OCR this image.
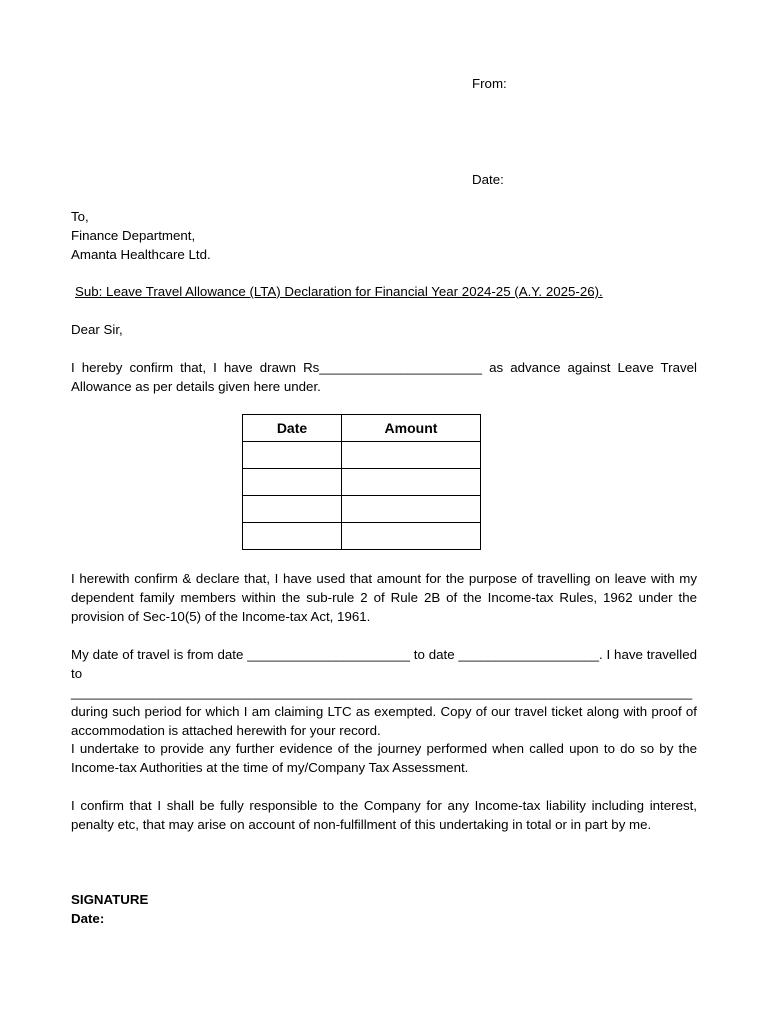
From:
Date:
To,
Finance Department,
Amanta Healthcare Ltd.
Sub: Leave Travel Allowance (LTA) Declaration for Financial Year 2024-25 (A.Y. 2025-26).
Dear Sir,
I hereby confirm that, I have drawn Rs______________________ as advance against Leave Travel Allowance as per details given here under.
Date	Amount

I herewith confirm & declare that, I have used that amount for the purpose of travelling on leave with my dependent family members within the sub-rule 2 of Rule 2B of the Income-tax Rules, 1962 under the provision of Sec-10(5) of the Income-tax Act, 1961.
My date of travel is from date ______________________ to date ___________________. I have travelled to ____________________________________________________________________________________ during such period for which I am claiming LTC as exempted. Copy of our travel ticket along with proof of accommodation is attached herewith for your record.
I undertake to provide any further evidence of the journey performed when called upon to do so by the Income-tax Authorities at the time of my/Company Tax Assessment.
I confirm that I shall be fully responsible to the Company for any Income-tax liability including interest, penalty etc, that may arise on account of non-fulfillment of this undertaking in total or in part by me.
SIGNATURE
Date:
